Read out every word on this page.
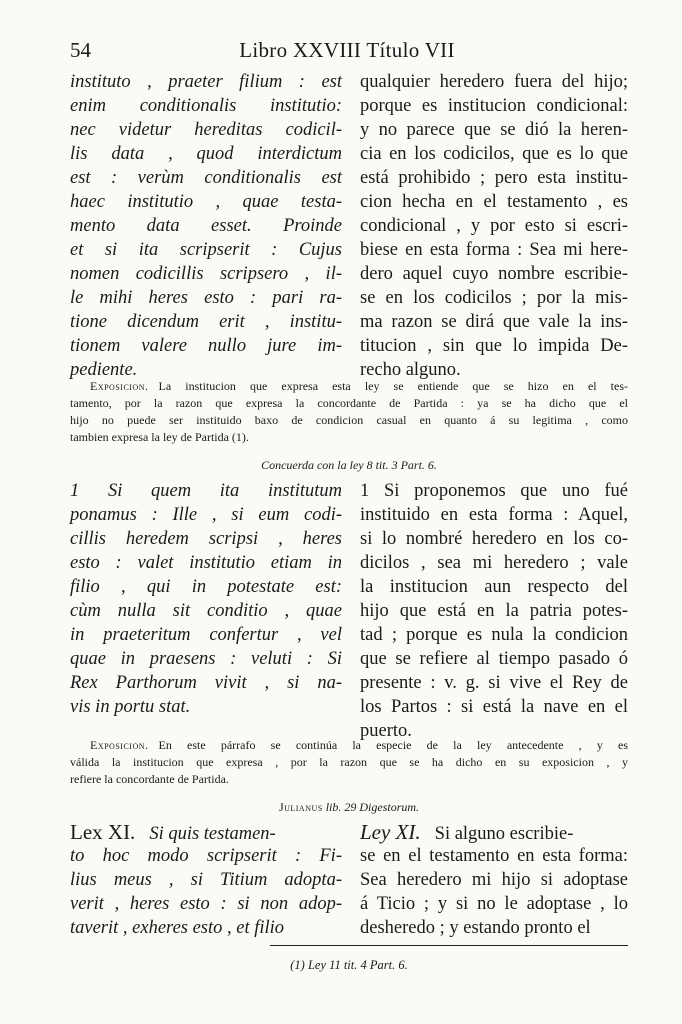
54	Libro XXVIII Título VII
instituto , praeter filium : est
enim conditionalis institutio:
nec videtur hereditas codicil-
lis data , quod interdictum
est : verùm conditionalis est
haec institutio , quae testa-
mento data esset. Proinde
et si ita scripserit : Cujus
nomen codicillis scripsero , il-
le mihi heres esto : pari ra-
tione dicendum erit , institu-
tionem valere nullo jure im-
pediente.
qualquier heredero fuera del hijo;
porque es institucion condicional:
y no parece que se dió la heren-
cia en los codicilos, que es lo que
está prohibido ; pero esta institu-
cion hecha en el testamento , es
condicional , y por esto si escri-
biese en esta forma : Sea mi here-
dero aquel cuyo nombre escribie-
se en los codicilos ; por la mis-
ma razon se dirá que vale la ins-
titucion , sin que lo impida De-
recho alguno.
Exposicion. La institucion que expresa esta ley se entiende que se hizo en el tes-
tamento, por la razon que expresa la concordante de Partida : ya se ha dicho que el
hijo no puede ser instituido baxo de condicion casual en quanto á su legitima , como
tambien expresa la ley de Partida (1).
Concuerda con la ley 8 tit. 3 Part. 6.
1 Si quem ita institutum
ponamus : Ille , si eum codi-
cillis heredem scripsi , heres
esto : valet institutio etiam in
filio , qui in potestate est:
cùm nulla sit conditio , quae
in praeteritum confertur , vel
quae in praesens : veluti : Si
Rex Parthorum vivit , si na-
vis in portu stat.
1 Si proponemos que uno fué
instituido en esta forma : Aquel,
si lo nombré heredero en los co-
dicilos , sea mi heredero ; vale
la institucion aun respecto del
hijo que está en la patria potes-
tad ; porque es nula la condicion
que se refiere al tiempo pasado ó
presente : v. g. si vive el Rey de
los Partos : si está la nave en el
puerto.
Exposicion. En este párrafo se continúa la especie de la ley antecedente , y es
válida la institucion que expresa , por la razon que se ha dicho en su exposicion , y
refiere la concordante de Partida.
Julianus lib. 29 Digestorum.
Lex XI. Si quis testamen-
to hoc modo scripserit : Fi-
lius meus , si Titium adopta-
verit , heres esto : si non adop-
taverit , exheres esto , et filio
Ley XI. Si alguno escribie-
se en el testamento en esta forma:
Sea heredero mi hijo si adoptase
á Ticio ; y si no le adoptase , lo
desheredo ; y estando pronto el
(1) Ley 11 tit. 4 Part. 6.
